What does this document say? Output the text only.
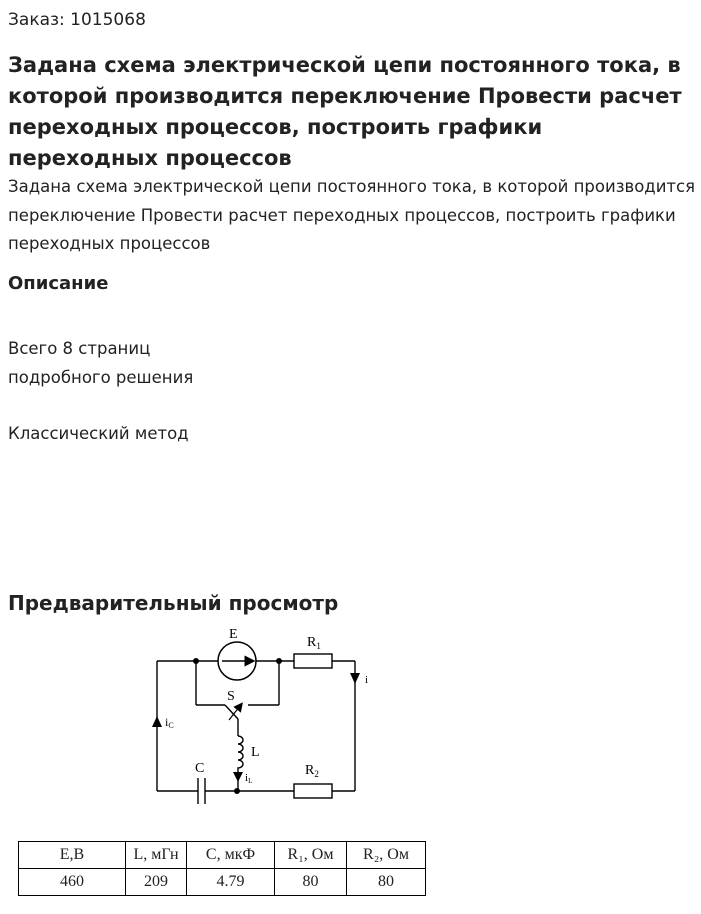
Заказ: 1015068
Задана схема электрической цепи постоянного тока, в которой производится переключение Провести расчет переходных процессов, построить графики переходных процессов

Задана схема электрической цепи постоянного тока, в которой производится переключение Провести расчет переходных процессов, построить графики переходных процессов

Описание
Всего 8 страниц
подробного решения
Классический метод
Предварительный просмотр
E
$R_1$
S
L
C	$R_2$
i
iC
iL
E,B	L, мГн	C, мкФ	R₁, Ом	R₂, Ом
460	209	4.79	80	80
